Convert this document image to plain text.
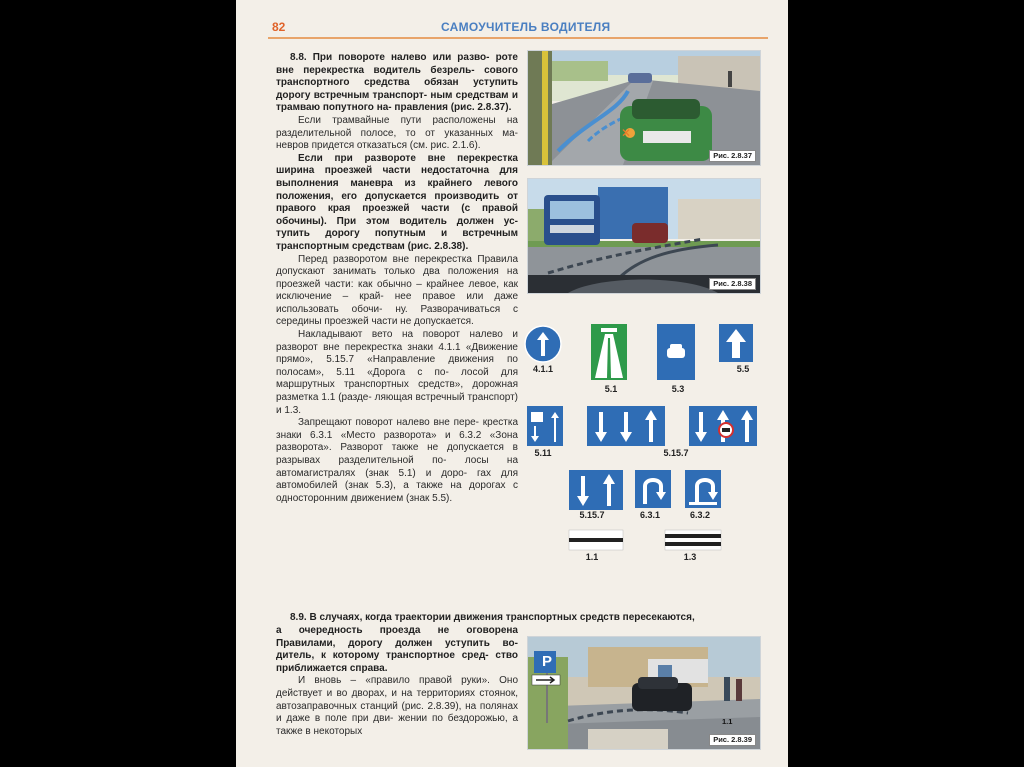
82	САМОУЧИТЕЛЬ ВОДИТЕЛЯ

8.8. При повороте налево или разво- роте вне перекрестка водитель безрель- сового транспортного средства обязан уступить дорогу встречным транспорт- ным средствам и трамваю попутного на- правления (рис. 2.8.37).

Если трамвайные пути расположены на разделительной полосе, то от указанных ма- невров придется отказаться (см. рис. 2.1.6).

Если при развороте вне перекрестка ширина проезжей части недостаточна для выполнения маневра из крайнего левого положения, его допускается производить от правого края проезжей части (с правой обочины). При этом водитель должен ус- тупить дорогу попутным и встречным транспортным средствам (рис. 2.8.38).

Перед разворотом вне перекрестка Правила допускают занимать только два положения на проезжей части: как обычно – крайнее левое, как исключение – край- нее правое или даже использовать обочи- ну. Разворачиваться с середины проезжей части не допускается.

Накладывают вето на поворот налево и разворот вне перекрестка знаки 4.1.1 «Движение прямо», 5.15.7 «Направление движения по полосам», 5.11 «Дорога с по- лосой для маршрутных транспортных средств», дорожная разметка 1.1 (разде- ляющая встречный транспорт) и 1.3.

Запрещают поворот налево вне пере- крестка знаки 6.3.1 «Место разворота» и 6.3.2 «Зона разворота». Разворот также не допускается в разрывах разделительной по- лосы на автомагистралях (знак 5.1) и доро- гах для автомобилей (знак 5.3), а также на дорогах с односторонним движением (знак 5.5).

8.9. В случаях, когда траектории движения транспортных средств пересекаются,

а очередность проезда не оговорена Правилами, дорогу должен уступить во- дитель, к которому транспортное сред- ство приближается справа.

И вновь – «правило правой руки». Оно действует и во дворах, и на территориях стоянок, автозаправочных станций (рис. 2.8.39), на полянах и даже в поле при дви- жении по бездорожью, а также в некоторых

✕
Рис. 2.8.37
Рис. 2.8.38
4.1.1
5.1	5.3
5.5
5.11	5.15.7
5.15.7	6.3.1	6.3.2
1.1	1.3
P
1.1
Рис. 2.8.39
